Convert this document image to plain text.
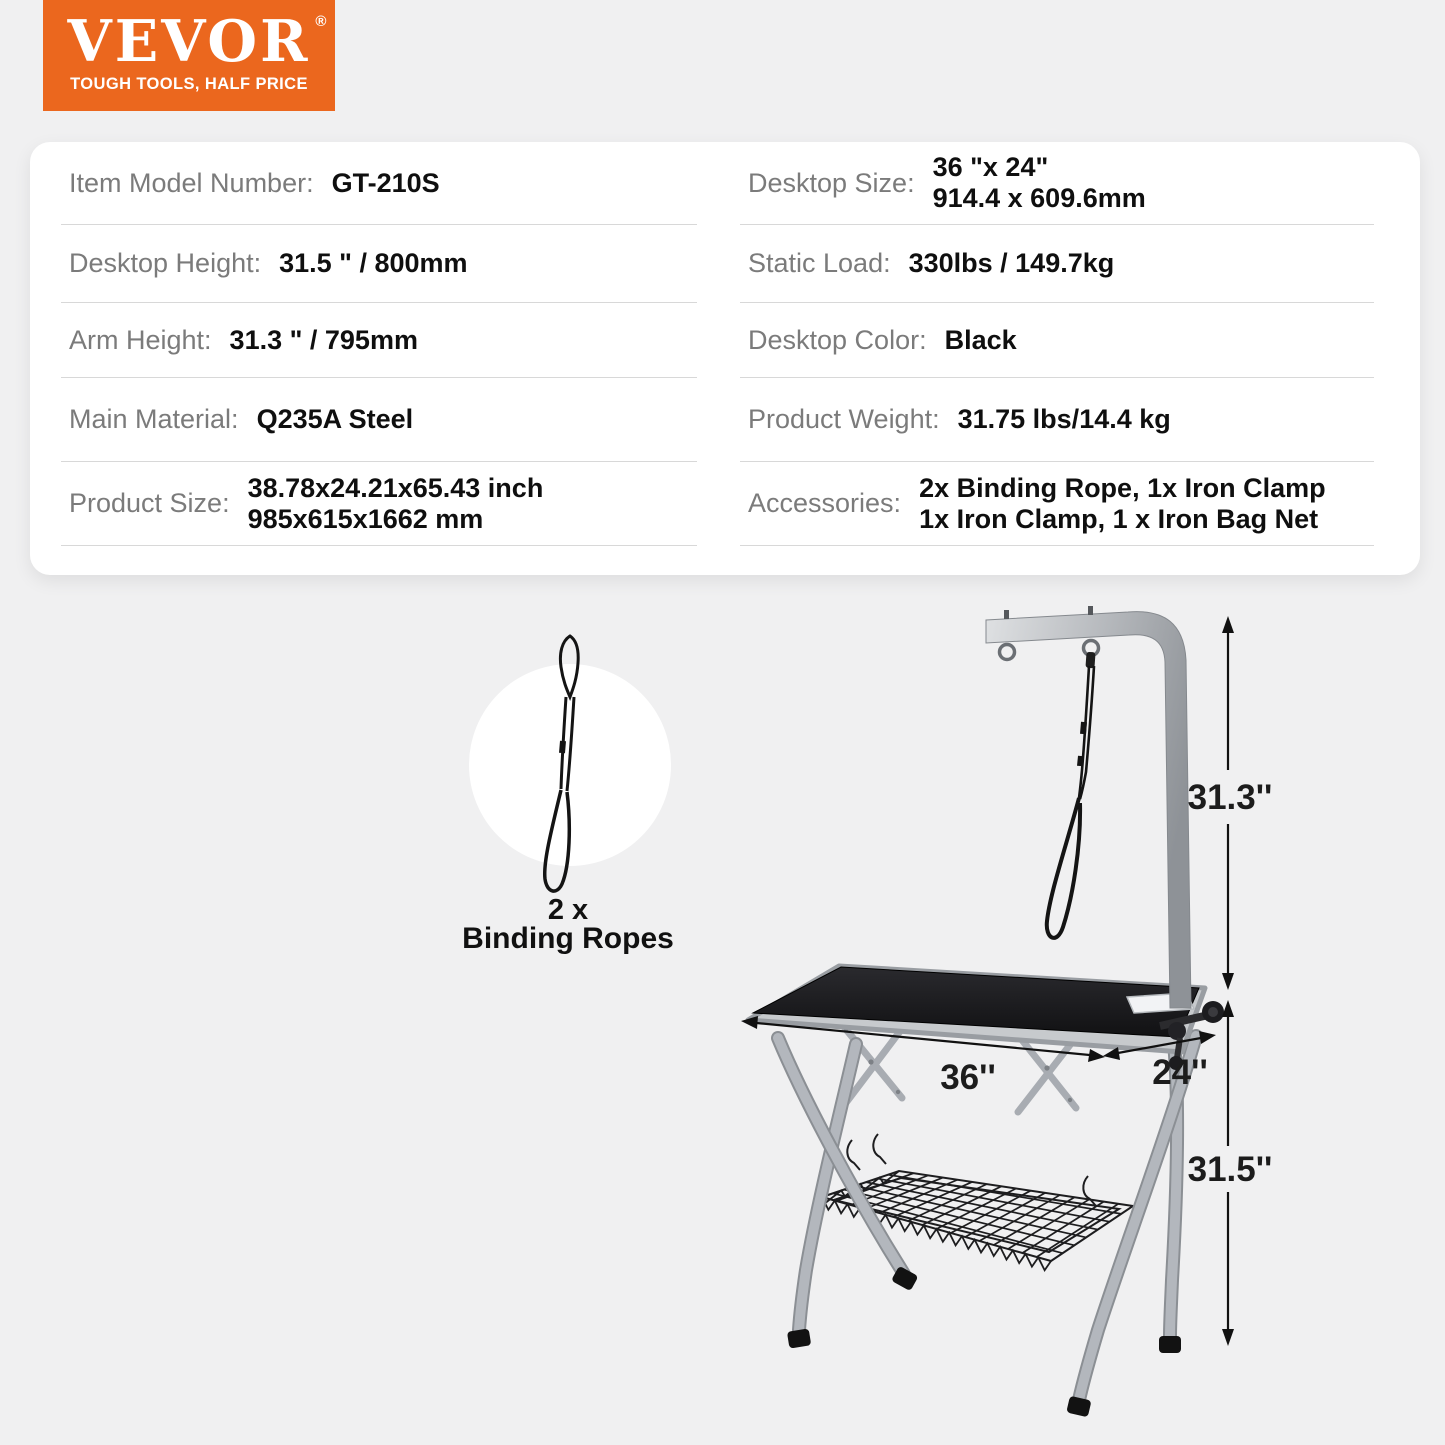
VEVOR ®
TOUGH TOOLS, HALF PRICE
Item Model Number: GT-210S
Desktop Height: 31.5 " / 800mm
Arm Height: 31.3 " / 795mm
Main Material: Q235A Steel
Product Size:
38.78x24.21x65.43 inch
985x615x1662 mm
Desktop Size:
36 "x 24"
914.4 x 609.6mm
Static Load: 330lbs / 149.7kg
Desktop Color: Black
Product Weight: 31.75 lbs/14.4 kg
Accessories:
2x Binding Rope, 1x Iron Clamp
1x Iron Clamp, 1 x Iron Bag Net
2 x
Binding Ropes
31.3''
36''	24''
31.5''
